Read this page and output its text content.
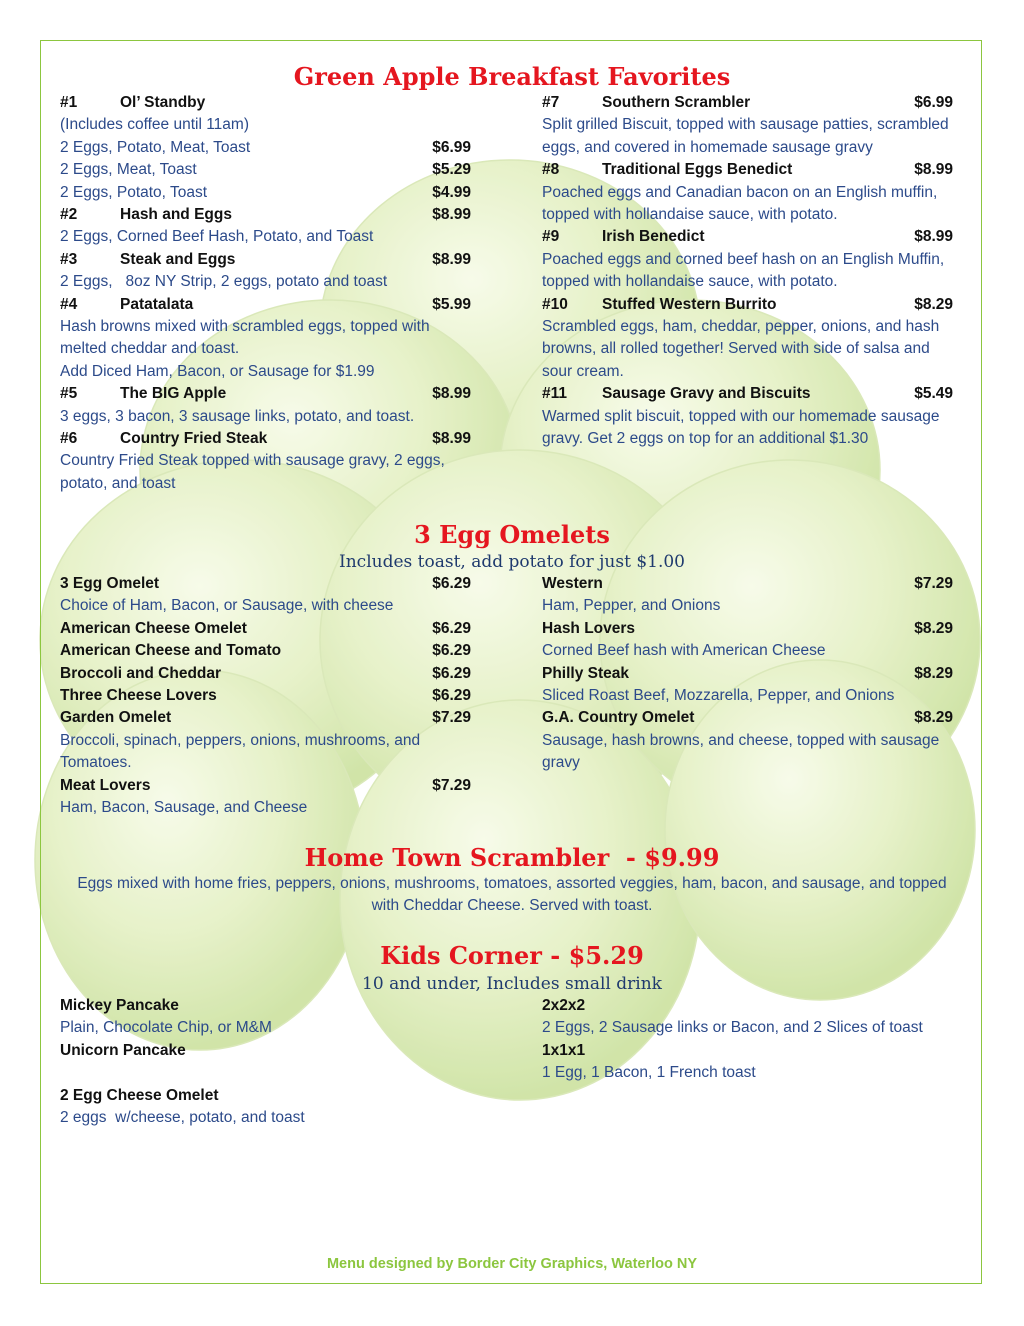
Green Apple Breakfast Favorites
#1	Ol’ Standby
(Includes coffee until 11am)
2 Eggs, Potato, Meat, Toast	$6.99
2 Eggs, Meat, Toast	$5.29
2 Eggs, Potato, Toast	$4.99
#2	Hash and Eggs	$8.99
2 Eggs, Corned Beef Hash, Potato, and Toast
#3	Steak and Eggs	$8.99
2 Eggs,   8oz NY Strip, 2 eggs, potato and toast
#4	Patatalata	$5.99
Hash browns mixed with scrambled eggs, topped with melted cheddar and toast.
Add Diced Ham, Bacon, or Sausage for $1.99
#5	The BIG Apple	$8.99
3 eggs, 3 bacon, 3 sausage links, potato, and toast.
#6	Country Fried Steak	$8.99
Country Fried Steak topped with sausage gravy, 2 eggs, potato, and toast
#7	Southern Scrambler	$6.99
Split grilled Biscuit, topped with sausage patties, scrambled eggs, and covered in homemade sausage gravy
#8	Traditional Eggs Benedict	$8.99
Poached eggs and Canadian bacon on an English muffin, topped with hollandaise sauce, with potato.
#9	Irish Benedict	$8.99
Poached eggs and corned beef hash on an English Muffin, topped with hollandaise sauce, with potato.
#10	Stuffed Western Burrito	$8.29
Scrambled eggs, ham, cheddar, pepper, onions, and hash browns, all rolled together! Served with side of salsa and sour cream.
#11	Sausage Gravy and Biscuits	$5.49
Warmed split biscuit, topped with our homemade sausage gravy. Get 2 eggs on top for an additional $1.30
3 Egg Omelets
Includes toast, add potato for just $1.00
3 Egg Omelet	$6.29
Choice of Ham, Bacon, or Sausage, with cheese
American Cheese Omelet	$6.29
American Cheese and Tomato	$6.29
Broccoli and Cheddar	$6.29
Three Cheese Lovers	$6.29
Garden Omelet	$7.29
Broccoli, spinach, peppers, onions, mushrooms, and Tomatoes.
Meat Lovers	$7.29
Ham, Bacon, Sausage, and Cheese
Western	$7.29
Ham, Pepper, and Onions
Hash Lovers	$8.29
Corned Beef hash with American Cheese
Philly Steak	$8.29
Sliced Roast Beef, Mozzarella, Pepper, and Onions
G.A. Country Omelet	$8.29
Sausage, hash browns, and cheese, topped with sausage gravy
Home Town Scrambler  - $9.99
Eggs mixed with home fries, peppers, onions, mushrooms, tomatoes, assorted veggies, ham, bacon, and sausage, and topped with Cheddar Cheese. Served with toast.
Kids Corner - $5.29
10 and under, Includes small drink
Mickey Pancake
Plain, Chocolate Chip, or M&M
Unicorn Pancake
2 Egg Cheese Omelet
2 eggs  w/cheese, potato, and toast
2x2x2
2 Eggs, 2 Sausage links or Bacon, and 2 Slices of toast
1x1x1
1 Egg, 1 Bacon, 1 French toast
Menu designed by Border City Graphics, Waterloo NY
